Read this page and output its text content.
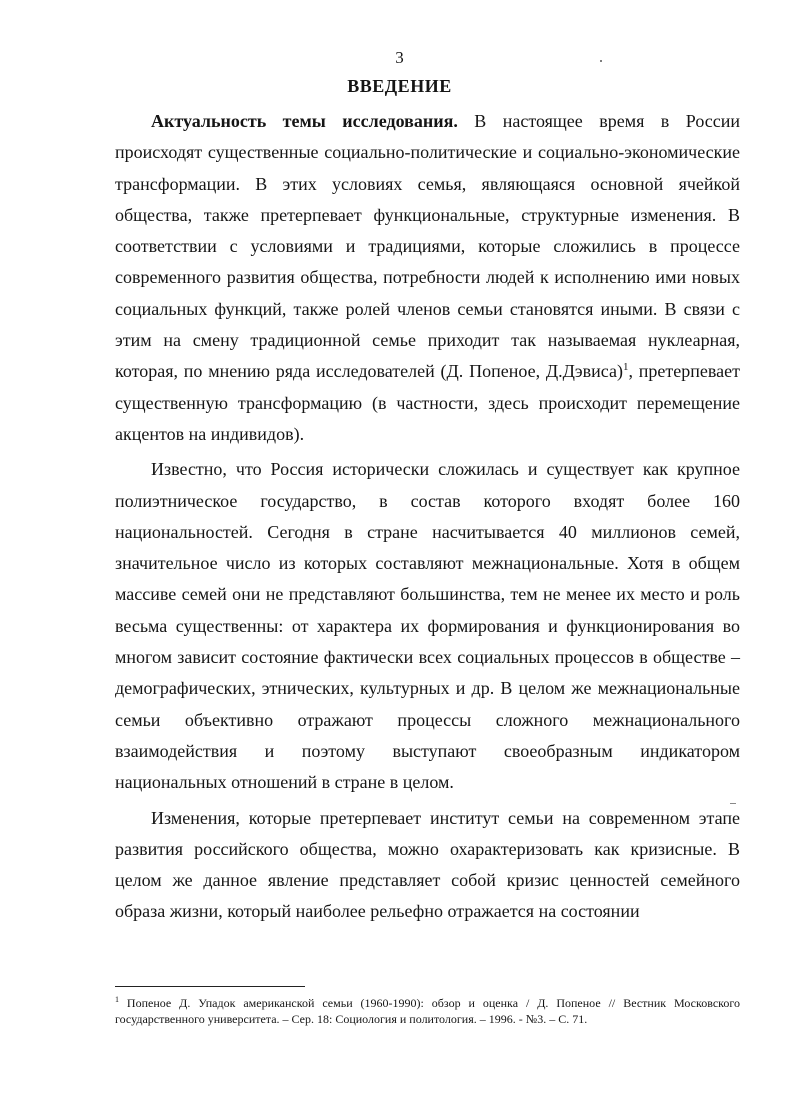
3
ВВЕДЕНИЕ

Актуальность темы исследования. В настоящее время в России происходят существенные социально-политические и социально-экономические трансформации. В этих условиях семья, являющаяся основной ячейкой общества, также претерпевает функциональные, структурные изменения. В соответствии с условиями и традициями, которые сложились в процессе современного развития общества, потребности людей к исполнению ими новых социальных функций, также ролей членов семьи становятся иными. В связи с этим на смену традиционной семье приходит так называемая нуклеарная, которая, по мнению ряда исследователей (Д. Попеное, Д.Дэвиса)$^1$, претерпевает существенную трансформацию (в частности, здесь происходит перемещение акцентов на индивидов).

Известно, что Россия исторически сложилась и существует как крупное полиэтническое государство, в состав которого входят более 160 национальностей. Сегодня в стране насчитывается 40 миллионов семей, значительное число из которых составляют межнациональные. Хотя в общем массиве семей они не представляют большинства, тем не менее их место и роль весьма существенны: от характера их формирования и функционирования во многом зависит состояние фактически всех социальных процессов в обществе – демографических, этнических, культурных и др. В целом же межнациональные семьи объективно отражают процессы сложного межнационального взаимодействия и поэтому выступают своеобразным индикатором национальных отношений в стране в целом.

Изменения, которые претерпевает институт семьи на современном этапе развития российского общества, можно охарактеризовать как кризисные. В целом же данное явление представляет собой кризис ценностей семейного образа жизни, который наиболее рельефно отражается на состоянии

$^1$ Попеное Д. Упадок американской семьи (1960-1990): обзор и оценка / Д. Попеное // Вестник Московского государственного университета. – Сер. 18: Социология и политология. – 1996. - №3. – С. 71.
